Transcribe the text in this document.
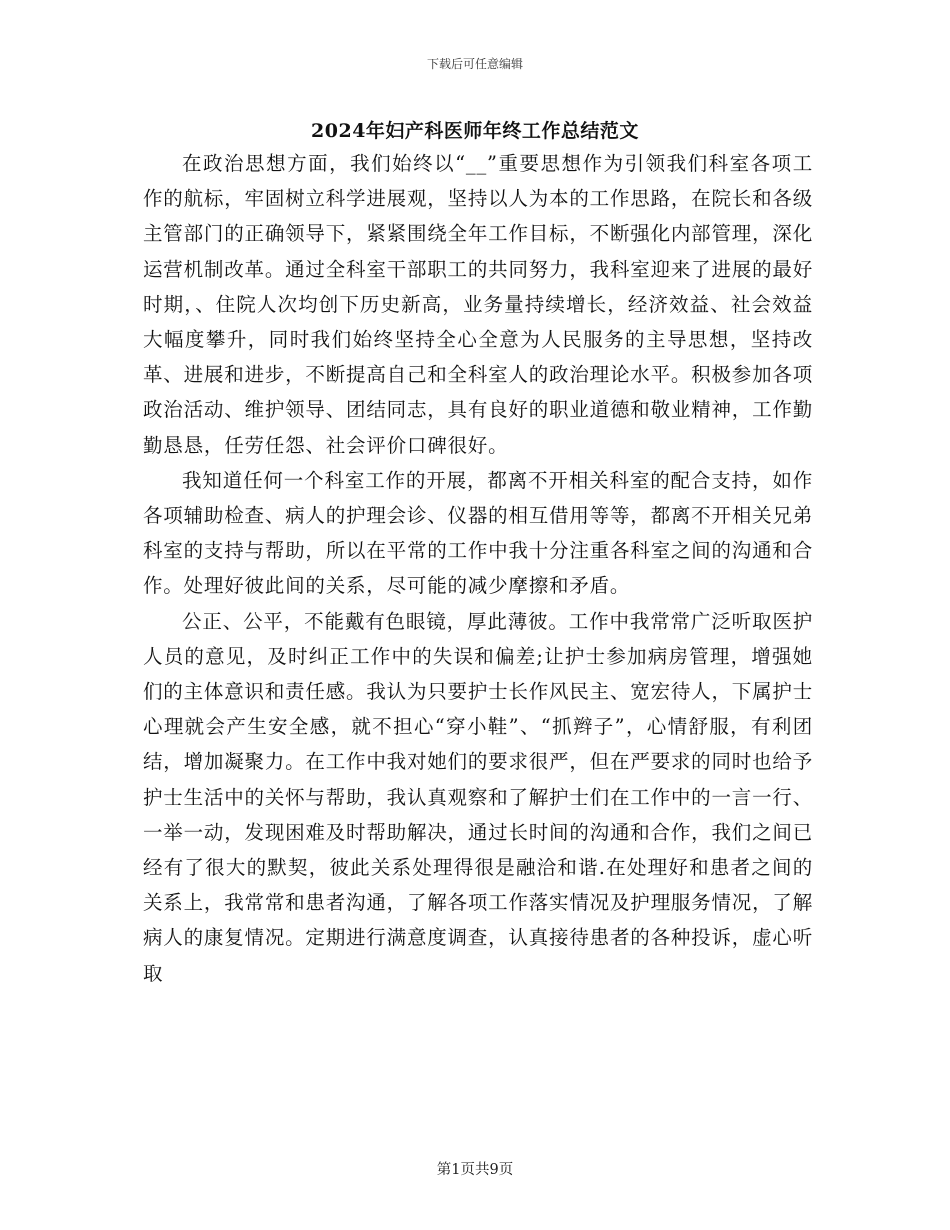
下载后可任意编辑
2024年妇产科医师年终工作总结范文

在政治思想方面，我们始终以“__”重要思想作为引领我们科室各项工作的航标，牢固树立科学进展观，坚持以人为本的工作思路，在院长和各级主管部门的正确领导下，紧紧围绕全年工作目标，不断强化内部管理，深化运营机制改革。通过全科室干部职工的共同努力，我科室迎来了进展的最好时期，、住院人次均创下历史新高，业务量持续增长，经济效益、社会效益大幅度攀升，同时我们始终坚持全心全意为人民服务的主导思想，坚持改革、进展和进步，不断提高自己和全科室人的政治理论水平。积极参加各项政治活动、维护领导、团结同志，具有良好的职业道德和敬业精神，工作勤勤恳恳，任劳任怨、社会评价口碑很好。

我知道任何一个科室工作的开展，都离不开相关科室的配合支持，如作各项辅助检查、病人的护理会诊、仪器的相互借用等等，都离不开相关兄弟科室的支持与帮助，所以在平常的工作中我十分注重各科室之间的沟通和合作。处理好彼此间的关系，尽可能的减少摩擦和矛盾。

公正、公平，不能戴有色眼镜，厚此薄彼。工作中我常常广泛听取医护人员的意见，及时纠正工作中的失误和偏差;让护士参加病房管理，增强她们的主体意识和责任感。我认为只要护士长作风民主、宽宏待人，下属护士心理就会产生安全感，就不担心“穿小鞋”、“抓辫子”，心情舒服，有利团结，增加凝聚力。在工作中我对她们的要求很严，但在严要求的同时也给予护士生活中的关怀与帮助，我认真观察和了解护士们在工作中的一言一行、一举一动，发现困难及时帮助解决，通过长时间的沟通和合作，我们之间已经有了很大的默契，彼此关系处理得很是融洽和谐.在处理好和患者之间的关系上，我常常和患者沟通，了解各项工作落实情况及护理服务情况，了解病人的康复情况。定期进行满意度调查，认真接待患者的各种投诉，虚心听取

第1页共9页
